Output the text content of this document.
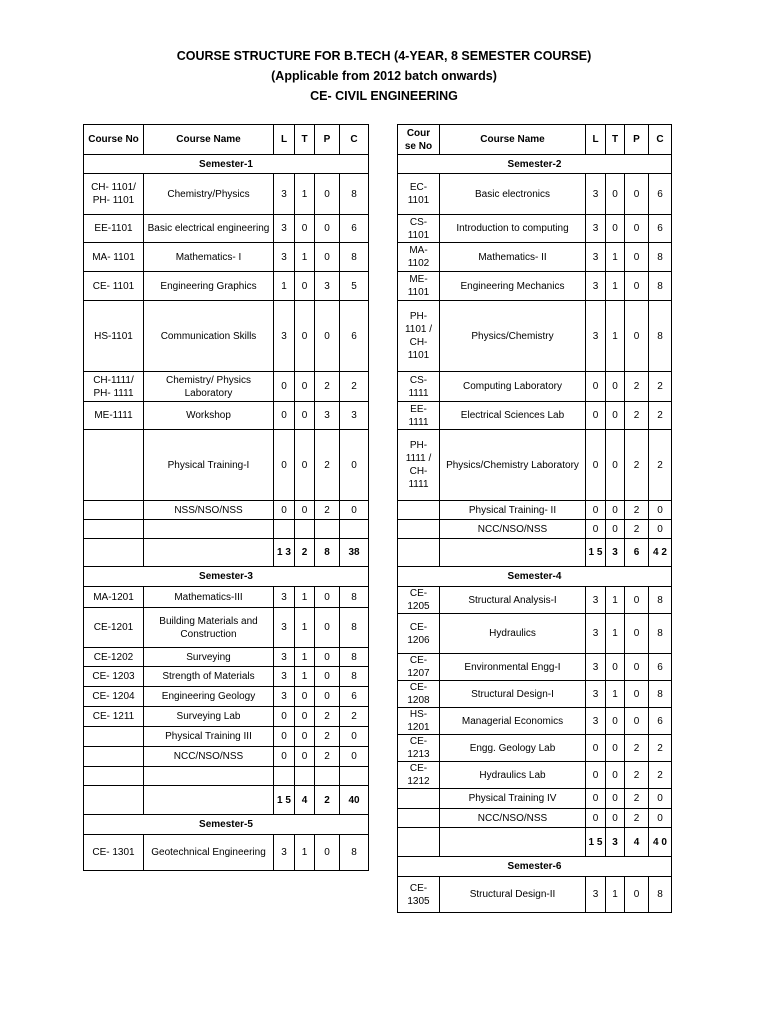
COURSE STRUCTURE FOR B.TECH (4-YEAR, 8 SEMESTER COURSE)
(Applicable from 2012 batch onwards)
CE- CIVIL ENGINEERING
Course No	Course Name	L	T	P	C
Semester-1					
CH- 1101/ PH- 1101	Chemistry/Physics	3	1	0	8
EE-1101	Basic electrical engineering	3	0	0	6
MA- 1101	Mathematics- I	3	1	0	8
CE- 1101	Engineering Graphics	1	0	3	5
HS-1101	Communication Skills	3	0	0	6
CH-1111/ PH- 1111	Chemistry/ Physics Laboratory	0	0	2	2
ME-1111	Workshop	0	0	3	3
	Physical Training-I	0	0	2	0
	NSS/NSO/NSS	0	0	2	0

		1 3	2	8	38
Semester-3					
MA-1201	Mathematics-III	3	1	0	8
CE-1201	Building Materials and Construction	3	1	0	8
CE-1202	Surveying	3	1	0	8
CE- 1203	Strength of Materials	3	1	0	8
CE- 1204	Engineering Geology	3	0	0	6
CE- 1211	Surveying Lab	0	0	2	2
	Physical Training III	0	0	2	0
	NCC/NSO/NSS	0	0	2	0

		1 5	4	2	40
Semester-5					
CE- 1301	Geotechnical Engineering	3	1	0	8
Cour se No	Course Name	L	T	P	C
Semester-2					
EC- 1101	Basic electronics	3	0	0	6
CS- 1101	Introduction to computing	3	0	0	6
MA- 1102	Mathematics- II	3	1	0	8
ME- 1101	Engineering Mechanics	3	1	0	8
PH- 1101 / CH- 1101	Physics/Chemistry	3	1	0	8
CS- 1111	Computing Laboratory	0	0	2	2
EE- 1111	Electrical Sciences Lab	0	0	2	2
PH- 1111 / CH- 1111	Physics/Chemistry Laboratory	0	0	2	2
	Physical Training- II	0	0	2	0
	NCC/NSO/NSS	0	0	2	0
		1 5	3	6	4 2
Semester-4					
CE-1205	Structural Analysis-I	3	1	0	8
CE-1206	Hydraulics	3	1	0	8
CE-1207	Environmental Engg-I	3	0	0	6
CE-1208	Structural Design-I	3	1	0	8
HS-1201	Managerial Economics	3	0	0	6
CE- 1213	Engg. Geology Lab	0	0	2	2
CE-1212	Hydraulics Lab	0	0	2	2
	Physical Training IV	0	0	2	0
	NCC/NSO/NSS	0	0	2	0
		1 5	3	4	4 0
Semester-6					
CE-1305	Structural Design-II	3	1	0	8
